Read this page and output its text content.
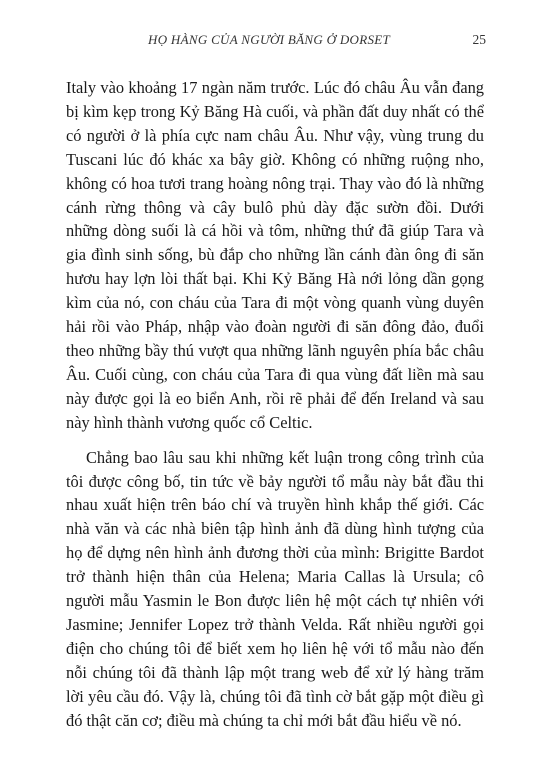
HỌ HÀNG CỦA NGƯỜI BĂNG Ở DORSET	25

Italy vào khoảng 17 ngàn năm trước. Lúc đó châu Âu vẫn đang bị kìm kẹp trong Kỷ Băng Hà cuối, và phần đất duy nhất có thể có người ở là phía cực nam châu Âu. Như vậy, vùng trung du Tuscani lúc đó khác xa bây giờ. Không có những ruộng nho, không có hoa tươi trang hoàng nông trại. Thay vào đó là những cánh rừng thông và cây bulô phủ dày đặc sườn đồi. Dưới những dòng suối là cá hồi và tôm, những thứ đã giúp Tara và gia đình sinh sống, bù đắp cho những lần cánh đàn ông đi săn hươu hay lợn lòi thất bại. Khi Kỷ Băng Hà nới lỏng dần gọng kìm của nó, con cháu của Tara đi một vòng quanh vùng duyên hải rồi vào Pháp, nhập vào đoàn người đi săn đông đảo, đuổi theo những bầy thú vượt qua những lãnh nguyên phía bắc châu Âu. Cuối cùng, con cháu của Tara đi qua vùng đất liền mà sau này được gọi là eo biển Anh, rồi rẽ phải để đến Ireland và sau này hình thành vương quốc cổ Celtic.

Chẳng bao lâu sau khi những kết luận trong công trình của tôi được công bố, tin tức về bảy người tổ mẫu này bắt đầu thi nhau xuất hiện trên báo chí và truyền hình khắp thế giới. Các nhà văn và các nhà biên tập hình ảnh đã dùng hình tượng của họ để dựng nên hình ảnh đương thời của mình: Brigitte Bardot trở thành hiện thân của Helena; Maria Callas là Ursula; cô người mẫu Yasmin le Bon được liên hệ một cách tự nhiên với Jasmine; Jennifer Lopez trở thành Velda. Rất nhiều người gọi điện cho chúng tôi để biết xem họ liên hệ với tổ mẫu nào đến nỗi chúng tôi đã thành lập một trang web để xử lý hàng trăm lời yêu cầu đó. Vậy là, chúng tôi đã tình cờ bắt gặp một điều gì đó thật căn cơ; điều mà chúng ta chỉ mới bắt đầu hiểu về nó.
